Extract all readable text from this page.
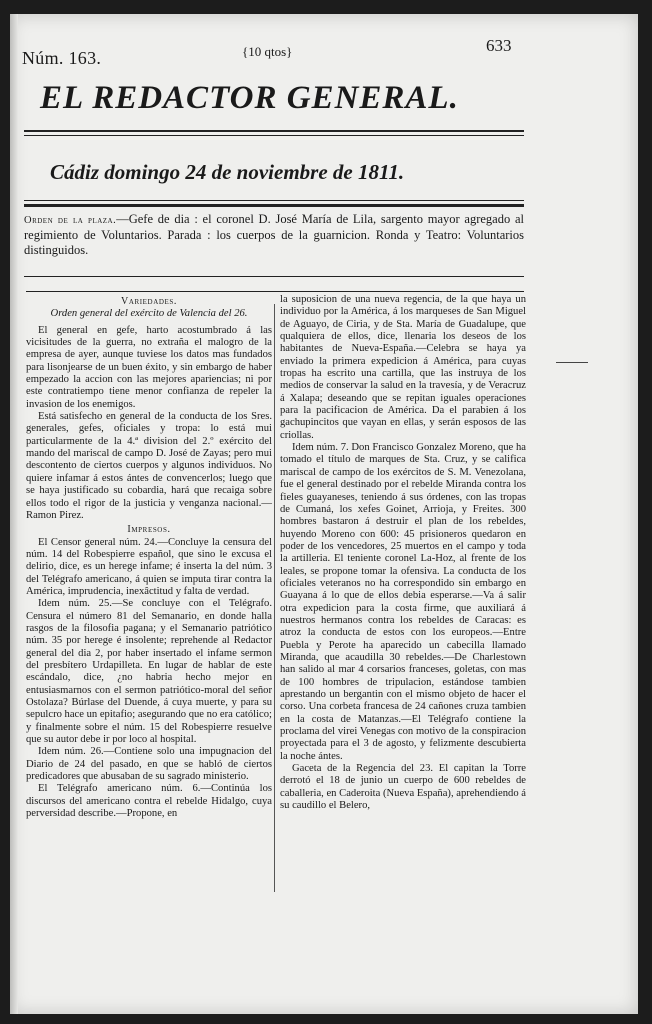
Núm. 163.	{10 qtos}	633
EL REDACTOR GENERAL.
Cádiz domingo 24 de noviembre de 1811.
Orden de la plaza.—Gefe de dia : el coronel D. José María de Lila, sargento mayor agregado al regimiento de Voluntarios. Parada : los cuerpos de la guarnicion. Ronda y Teatro: Voluntarios distinguidos.

Variedades.

Orden general del exército de Valencia del 26.

El general en gefe, harto acostumbrado á las vicisitudes de la guerra, no extraña el malogro de la empresa de ayer, aunque tuviese los datos mas fundados para lisonjearse de un buen éxito, y sin embargo de haber empezado la accion con las mejores apariencias; ni por este contratiempo tiene menor confianza de repeler la invasion de los enemigos.

Está satisfecho en general de la conducta de los Sres. generales, gefes, oficiales y tropa: lo está mui particularmente de la 4.ª division del 2.º exército del mando del mariscal de campo D. José de Zayas; pero mui descontento de ciertos cuerpos y algunos individuos. No quiere infamar á estos ántes de convencerlos; luego que se haya justificado su cobardia, hará que recaiga sobre ellos todo el rigor de la justicia y venganza nacional.—Ramon Pirez.

Impresos.

El Censor general núm. 24.—Concluye la censura del núm. 14 del Robespierre español, que sino le excusa el delirio, dice, es un herege infame; é inserta la del núm. 3 del Telégrafo americano, á quien se imputa tirar contra la América, imprudencia, inexâctitud y falta de verdad.

Idem núm. 25.—Se concluye con el Telégrafo. Censura el número 81 del Semanario, en donde halla rasgos de la filosofia pagana; y el Semanario patriótico núm. 35 por herege é insolente; reprehende al Redactor general del dia 2, por haber insertado el infame sermon del presbítero Urdapilleta. En lugar de hablar de este escándalo, dice, ¿no habria hecho mejor en entusiasmarnos con el sermon patriótico-moral del señor Ostolaza? Búrlase del Duende, á cuya muerte, y para su sepulcro hace un epitafio; asegurando que no era católico; y finalmente sobre el núm. 15 del Robespierre resuelve que su autor debe ir por loco al hospital.

Idem núm. 26.—Contiene solo una impugnacion del Diario de 24 del pasado, en que se habló de ciertos predicadores que abusaban de su sagrado ministerio.

El Telégrafo americano núm. 6.—Continúa los discursos del americano contra el rebelde Hidalgo, cuya perversidad describe.—Propone, en

la suposicion de una nueva regencia, de la que haya un individuo por la América, á los marqueses de San Miguel de Aguayo, de Ciria, y de Sta. María de Guadalupe, que qualquiera de ellos, dice, llenaria los deseos de los habitantes de Nueva-España.—Celebra se haya ya enviado la primera expedicion á América, para cuyas tropas ha escrito una cartilla, que las instruya de los medios de conservar la salud en la travesía, y de Veracruz á Xalapa; deseando que se repitan iguales operaciones para la pacificacion de América. Da el parabien á los gachupincitos que vayan en ellas, y serán esposos de las criollas.

Idem núm. 7. Don Francisco Gonzalez Moreno, que ha tomado el título de marques de Sta. Cruz, y se califica mariscal de campo de los exércitos de S. M. Venezolana, fue el general destinado por el rebelde Miranda contra los fieles guayaneses, teniendo á sus órdenes, con las tropas de Cumaná, los xefes Goinet, Arrioja, y Freites. 300 hombres bastaron á destruir el plan de los rebeldes, huyendo Moreno con 600: 45 prisioneros quedaron en poder de los vencedores, 25 muertos en el campo y toda la artilleria. El teniente coronel La-Hoz, al frente de los leales, se propone tomar la ofensiva. La conducta de los oficiales veteranos no ha correspondido sin embargo en Guayana á lo que de ellos debia esperarse.—Va á salir otra expedicion para la costa firme, que auxiliará á nuestros hermanos contra los rebeldes de Caracas: es atroz la conducta de estos con los europeos.—Entre Puebla y Perote ha aparecido un cabecilla llamado Miranda, que acaudilla 30 rebeldes.—De Charlestown han salido al mar 4 corsarios franceses, goletas, con mas de 100 hombres de tripulacion, estándose tambien aprestando un bergantin con el mismo objeto de hacer el corso. Una corbeta francesa de 24 cañones cruza tambien en la costa de Matanzas.—El Telégrafo contiene la proclama del virei Venegas con motivo de la conspiracion proyectada para el 3 de agosto, y felizmente descubierta la noche ántes.

Gaceta de la Regencia del 23. El capitan la Torre derrotó el 18 de junio un cuerpo de 600 rebeldes de caballeria, en Caderoita (Nueva España), aprehendiendo á su caudillo el Belero,
